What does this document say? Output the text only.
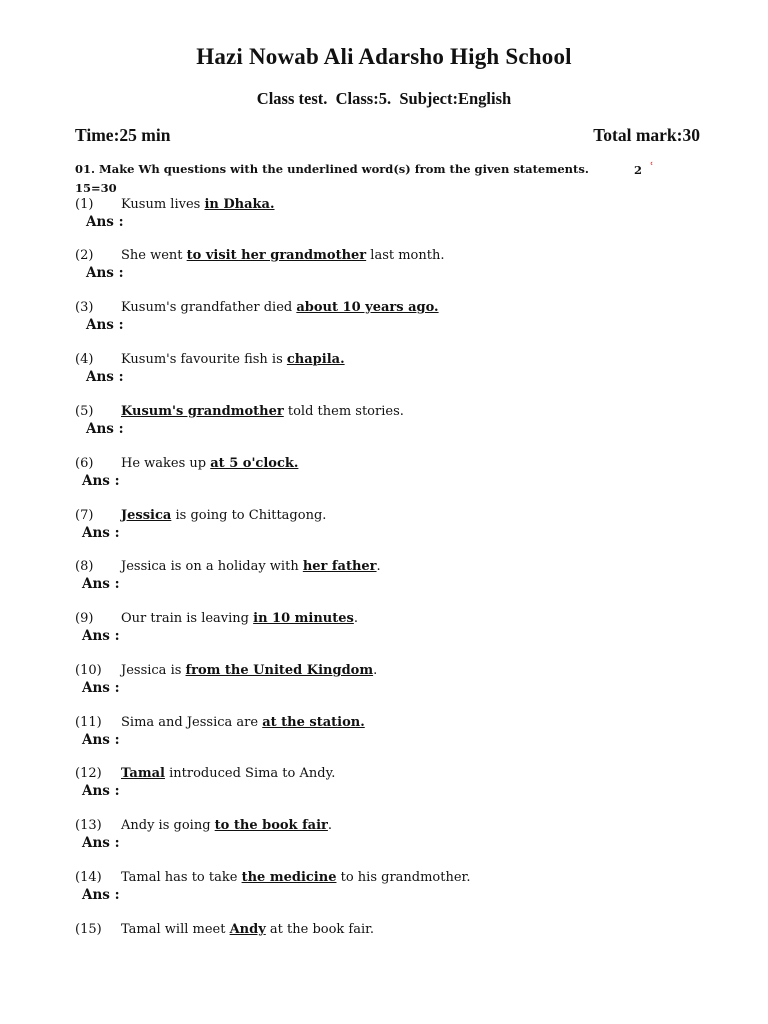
Hazi Nowab Ali Adarsho High School
Class test.  Class:5.  Subject:English
Time:25 min	Total mark:30
01. Make Wh questions with the underlined word(s) from the given statements.	2 ʿ
15=30
(1) Kusum lives in Dhaka.
Ans :
(2) She went to visit her grandmother last month.
Ans :
(3) Kusum's grandfather died about 10 years ago.
Ans :
(4) Kusum's favourite fish is chapila.
Ans :
(5) Kusum's grandmother told them stories.
Ans :
(6) He wakes up at 5 o'clock.
Ans :
(7) Jessica is going to Chittagong.
Ans :
(8) Jessica is on a holiday with her father.
Ans :
(9) Our train is leaving in 10 minutes.
Ans :
(10) Jessica is from the United Kingdom.
Ans :
(11) Sima and Jessica are at the station.
Ans :
(12) Tamal introduced Sima to Andy.
Ans :
(13) Andy is going to the book fair.
Ans :
(14) Tamal has to take the medicine to his grandmother.
Ans :
(15) Tamal will meet Andy at the book fair.
